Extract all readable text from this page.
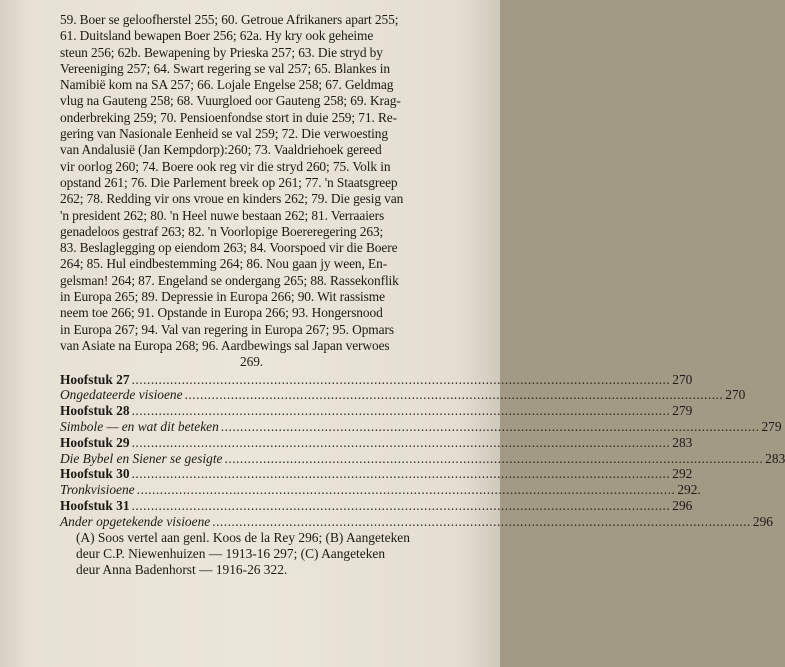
59. Boer se geloofherstel 255; 60. Getroue Afrikaners apart 255;
61. Duitsland bewapen Boer 256; 62a. Hy kry ook geheime
steun 256; 62b. Bewapening by Prieska 257; 63. Die stryd by
Vereeniging 257; 64. Swart regering se val 257; 65. Blankes in
Namibië kom na SA 257; 66. Lojale Engelse 258; 67. Geldmag
vlug na Gauteng 258; 68. Vuurgloed oor Gauteng 258; 69. Krag-
onderbreking 259; 70. Pensioenfondse stort in duie 259; 71. Re-
gering van Nasionale Eenheid se val 259; 72. Die verwoesting
van Andalusië (Jan Kempdorp):260; 73. Vaaldriehoek gereed
vir oorlog 260; 74. Boere ook reg vir die stryd 260; 75. Volk in
opstand 261; 76. Die Parlement breek op 261; 77. 'n Staatsgreep
262; 78. Redding vir ons vroue en kinders 262; 79. Die gesig van
'n president 262; 80. 'n Heel nuwe bestaan 262; 81. Verraaiers
genadeloos gestraf 263; 82. 'n Voorlopige Boereregering 263;
83. Beslaglegging op eiendom 263; 84. Voorspoed vir die Boere
264; 85. Hul eindbestemming 264; 86. Nou gaan jy ween, En-
gelsman! 264; 87. Engeland se ondergang 265; 88. Rassekonflik
in Europa 265; 89. Depressie in Europa 266; 90. Wit rassisme
neem toe 266; 91. Opstande in Europa 266; 93. Hongersnood
in Europa 267; 94. Val van regering in Europa 267; 95. Opmars
van Asiate na Europa 268; 96. Aardbewings sal Japan verwoes
269.

Hoofstuk 27 ............................................................................................................................................ 270
Ongedateerde visioene ............................................................................................................................................ 270
Hoofstuk 28 ............................................................................................................................................ 279
Simbole — en wat dit beteken ............................................................................................................................................ 279
Hoofstuk 29 ............................................................................................................................................ 283
Die Bybel en Siener se gesigte ............................................................................................................................................ 283
Hoofstuk 30 ............................................................................................................................................ 292
Tronkvisioene ............................................................................................................................................ 292.
Hoofstuk 31 ............................................................................................................................................ 296
Ander opgetekende visioene ............................................................................................................................................ 296
(A) Soos vertel aan genl. Koos de la Rey 296; (B) Aangeteken
deur C.P. Niewenhuizen — 1913-16 297; (C) Aangeteken
deur Anna Badenhorst — 1916-26 322.
